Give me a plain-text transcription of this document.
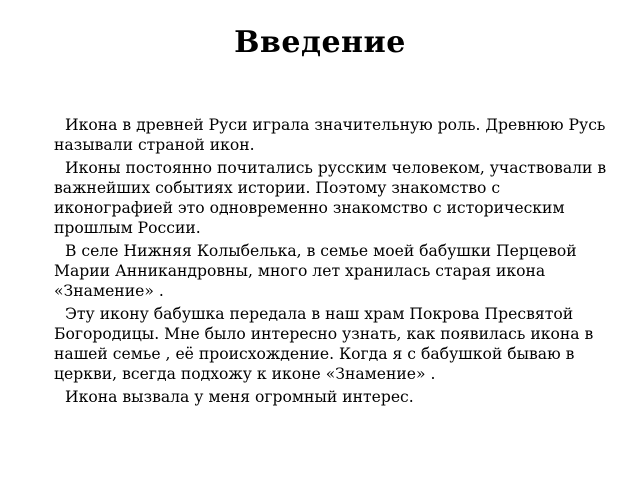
Введение

Икона в древней Руси играла значительную роль. Древнюю Русь называли страной икон.

Иконы постоянно почитались русским человеком, участвовали в важнейших событиях истории. Поэтому знакомство с иконографией это одновременно знакомство с историческим прошлым России.

В селе Нижняя Колыбелька, в семье моей бабушки Перцевой Марии Анникандровны, много лет хранилась старая икона «Знамение» .

Эту икону бабушка передала в наш храм Покрова Пресвятой Богородицы. Мне было интересно узнать, как появилась икона в нашей семье , её происхождение. Когда я с бабушкой бываю в церкви, всегда подхожу к иконе «Знамение» .

Икона вызвала у меня огромный интерес.
